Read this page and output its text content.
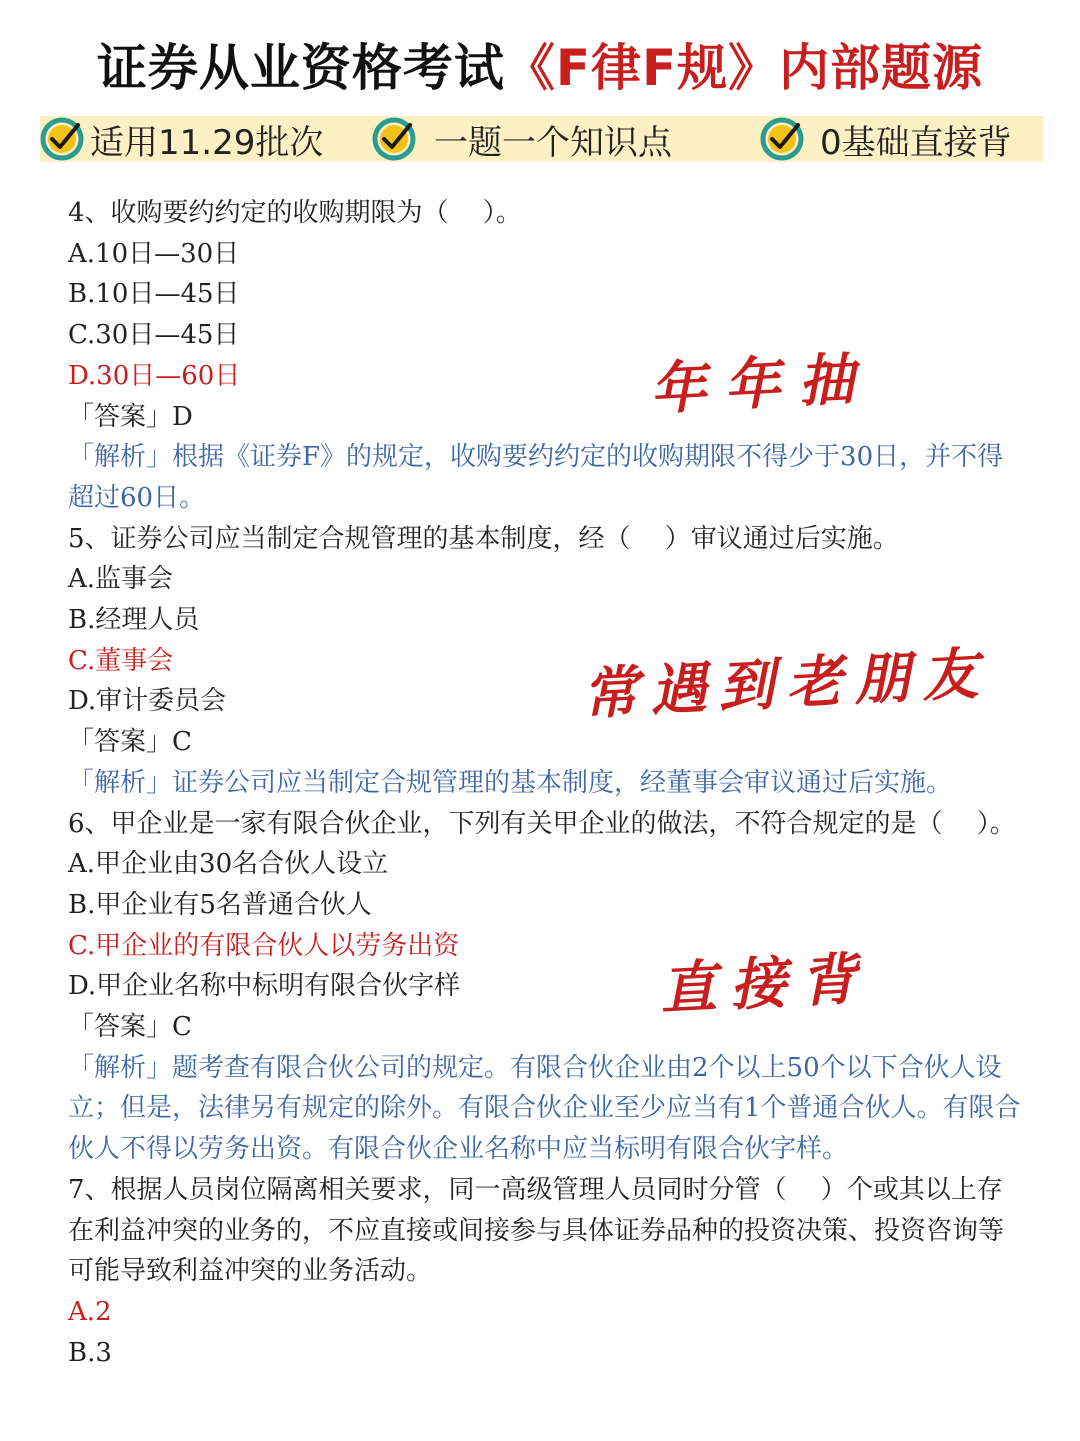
证券从业资格考试《F律F规》内部题源
适用11.29批次	一题一个知识点	0基础直接背
4、收购要约约定的收购期限为（　 ）。
A.10日—30日
B.10日—45日
C.30日—45日
D.30日—60日
「答案」D
「解析」根据《证券F》的规定，收购要约约定的收购期限不得少于30日，并不得超过60日。
5、证券公司应当制定合规管理的基本制度，经（　 ）审议通过后实施。
A.监事会
B.经理人员
C.董事会
D.审计委员会
「答案」C
「解析」证券公司应当制定合规管理的基本制度，经董事会审议通过后实施。
6、甲企业是一家有限合伙企业，下列有关甲企业的做法，不符合规定的是（　 ）。
A.甲企业由30名合伙人设立
B.甲企业有5名普通合伙人
C.甲企业的有限合伙人以劳务出资
D.甲企业名称中标明有限合伙字样
「答案」C
「解析」题考查有限合伙公司的规定。有限合伙企业由2个以上50个以下合伙人设立；但是，法律另有规定的除外。有限合伙企业至少应当有1个普通合伙人。有限合伙人不得以劳务出资。有限合伙企业名称中应当标明有限合伙字样。
7、根据人员岗位隔离相关要求，同一高级管理人员同时分管（　 ）个或其以上存在利益冲突的业务的，不应直接或间接参与具体证券品种的投资决策、投资咨询等可能导致利益冲突的业务活动。
A.2
B.3
年年抽
常遇到老朋友
直接背
